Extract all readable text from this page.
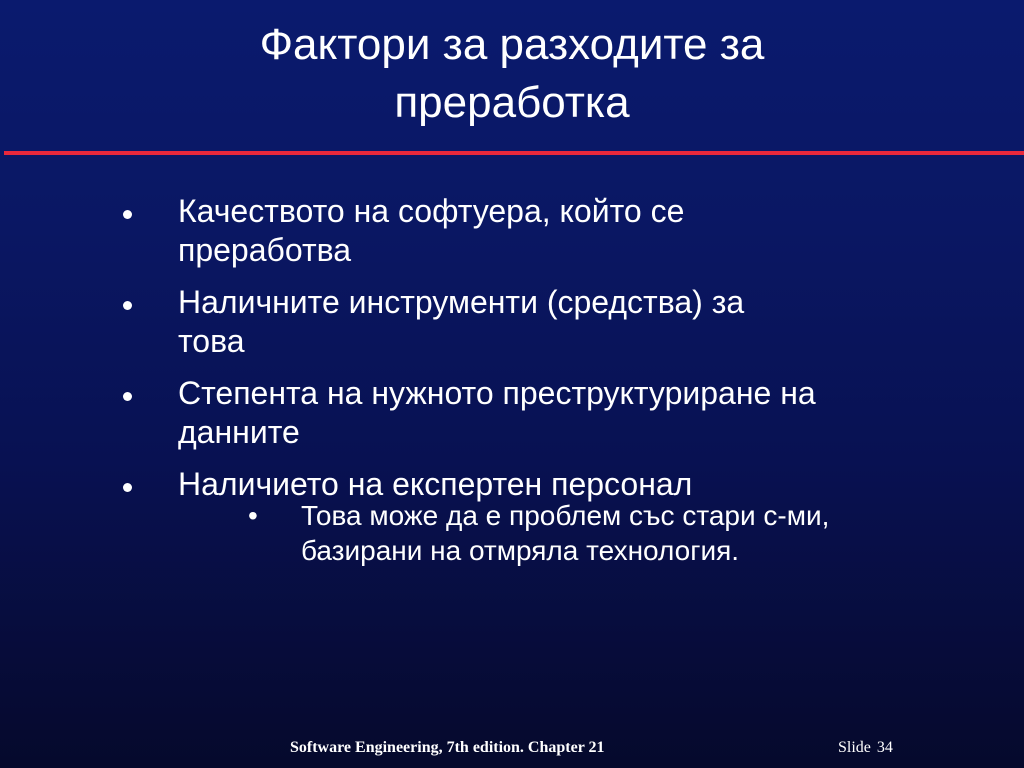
Фактори за разходите за
преработка
Качеството на софтуера, който се
преработва
Наличните инструменти (средства) за
това
Степента на нужното преструктуриране на
данните
Наличието на експертен персонал
• Това може да е проблем със стари с-ми,
базирани на отмряла технология.
Software Engineering, 7th edition. Chapter 21	Slide 34
